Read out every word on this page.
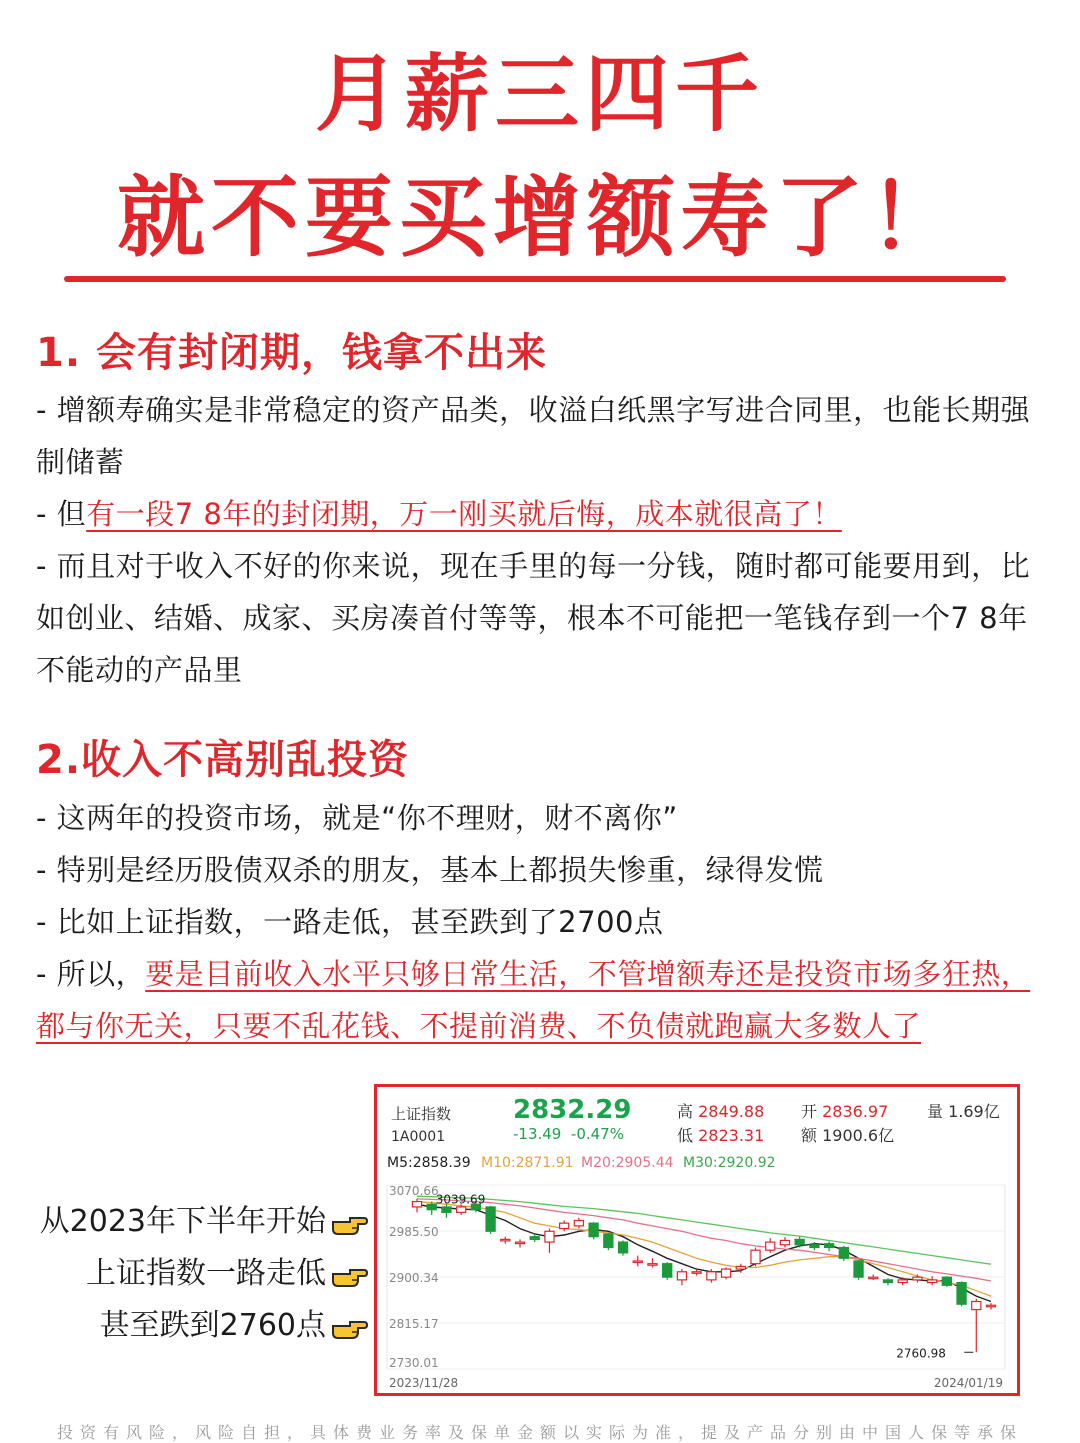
月薪三四千
就不要买增额寿了！
1. 会有封闭期，钱拿不出来

- 增额寿确实是非常稳定的资产品类，收溢白纸黑字写进合同里，也能长期强制储蓄

- 但有一段7 8年的封闭期，万一刚买就后悔，成本就很高了！

- 而且对于收入不好的你来说，现在手里的每一分钱，随时都可能要用到，比如创业、结婚、成家、买房凑首付等等，根本不可能把一笔钱存到一个7 8年不能动的产品里

2.收入不高别乱投资

- 这两年的投资市场，就是“你不理财，财不离你”

- 特别是经历股债双杀的朋友，基本上都损失惨重，绿得发慌

- 比如上证指数，一路走低，甚至跌到了2700点

- 所以，要是目前收入水平只够日常生活，不管增额寿还是投资市场多狂热，都与你无关，只要不乱花钱、不提前消费、不负债就跑赢大多数人了

从2023年下半年开始
上证指数一路走低
甚至跌到2760点
上证指数
1A0001
2832.29
-13.49 -0.47%
高 2849.88
低 2823.31
开 2836.97
额 1900.6亿
量 1.69亿
M5:2858.39 M10:2871.91 M20:2905.44 M30:2920.92
3070.66
2985.50
2900.34
2815.17
2730.01
3039.69
2760.98
2023/11/28	2024/01/19
投资有风险，风险自担，具体费业务率及保单金额以实际为准，提及产品分别由中国人保等承保
